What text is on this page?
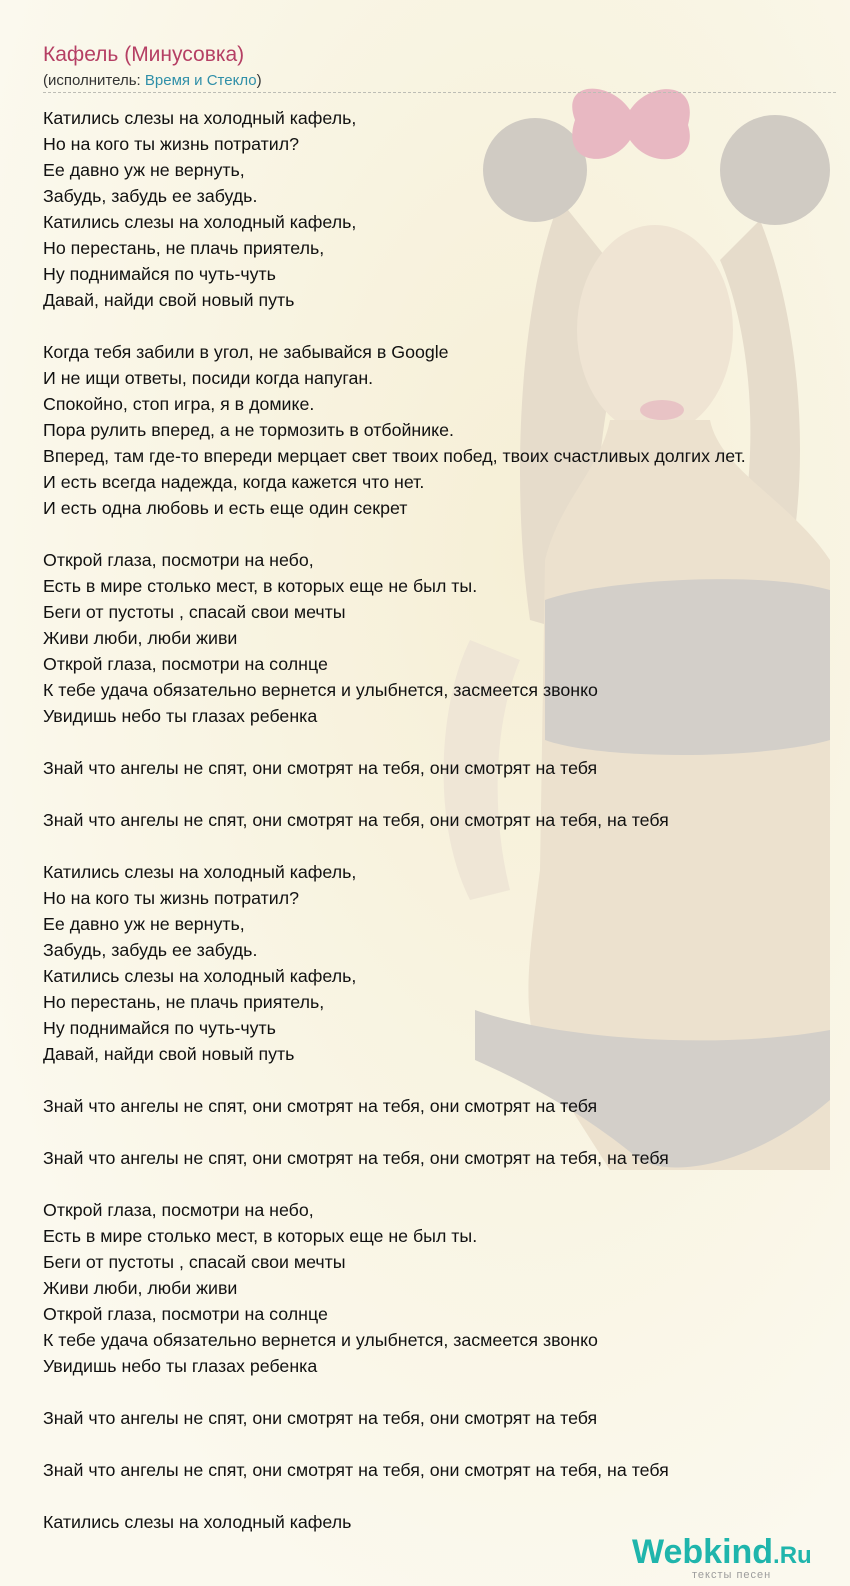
Кафель (Минусовка)
(исполнитель: Время и Стекло)
Катились слезы на холодный кафель,
Но на кого ты жизнь потратил?
Ее давно уж не вернуть,
Забудь, забудь ее забудь.
Катились слезы на холодный кафель,
Но перестань, не плачь приятель,
Ну поднимайся по чуть-чуть
Давай, найди свой новый путь
Когда тебя забили в угол, не забывайся в Google
И не ищи ответы, посиди когда напуган.
Спокойно, стоп игра, я в домике.
Пора рулить вперед, а не тормозить в отбойнике.
Вперед, там где-то впереди мерцает свет твоих побед, твоих счастливых долгих лет.
И есть всегда надежда, когда кажется что нет.
И есть одна любовь и есть еще один секрет
Открой глаза, посмотри на небо,
Есть в мире столько мест, в которых еще не был ты.
Беги от пустоты , спасай свои мечты
Живи люби, люби живи
Открой глаза, посмотри на солнце
К тебе удача обязательно вернется и улыбнется, засмеется звонко
Увидишь небо ты глазах ребенка
Знай что ангелы не спят, они смотрят на тебя, они смотрят на тебя
Знай что ангелы не спят, они смотрят на тебя, они смотрят на тебя, на тебя
Катились слезы на холодный кафель,
Но на кого ты жизнь потратил?
Ее давно уж не вернуть,
Забудь, забудь ее забудь.
Катились слезы на холодный кафель,
Но перестань, не плачь приятель,
Ну поднимайся по чуть-чуть
Давай, найди свой новый путь
Знай что ангелы не спят, они смотрят на тебя, они смотрят на тебя
Знай что ангелы не спят, они смотрят на тебя, они смотрят на тебя, на тебя
Открой глаза, посмотри на небо,
Есть в мире столько мест, в которых еще не был ты.
Беги от пустоты , спасай свои мечты
Живи люби, люби живи
Открой глаза, посмотри на солнце
К тебе удача обязательно вернется и улыбнется, засмеется звонко
Увидишь небо ты глазах ребенка
Знай что ангелы не спят, они смотрят на тебя, они смотрят на тебя
Знай что ангелы не спят, они смотрят на тебя, они смотрят на тебя, на тебя
Катились слезы на холодный кафель
Webkind.Ru
тексты песен
